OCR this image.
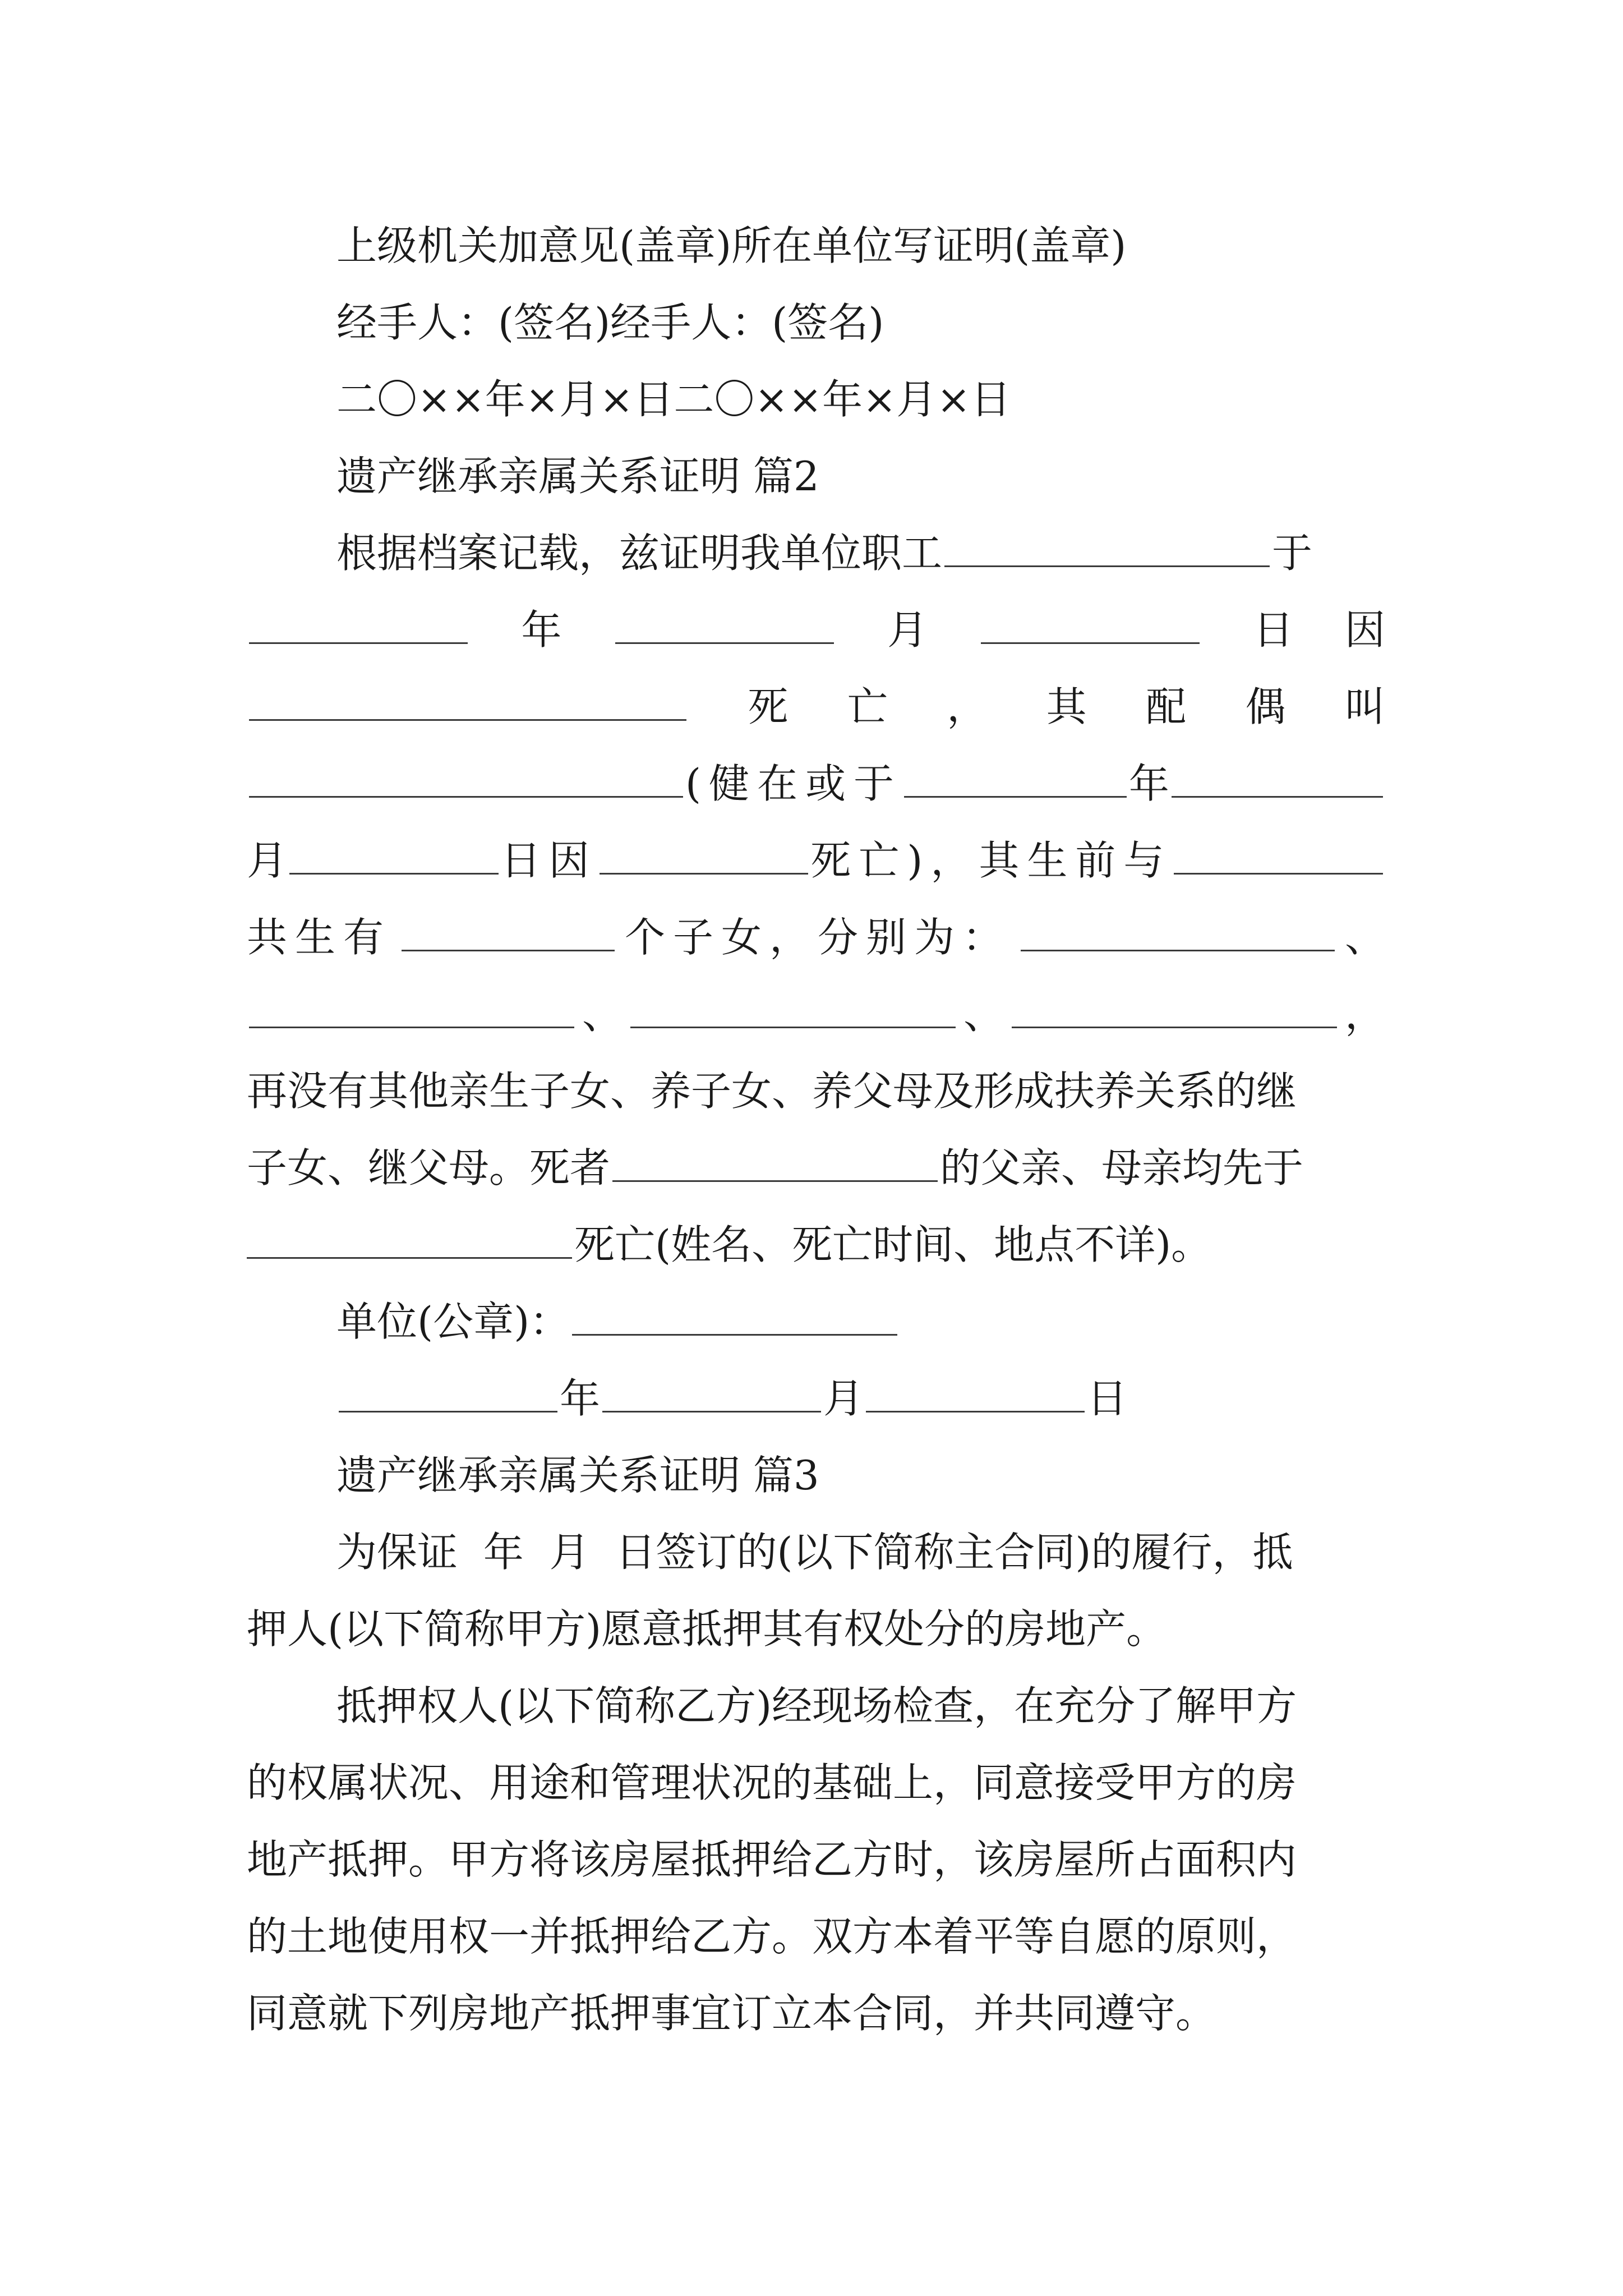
上级机关加意见(盖章)所在单位写证明(盖章)
经手人：(签名)经手人：(签名)
二〇××年×月×日二〇××年×月×日
遗产继承亲属关系证明 篇2
根据档案记载，兹证明我单位职工	于
年	月	日 因
死 亡 ， 其 配 偶 叫
(健在或于	年
月	日因	死亡)，其生前与
共生有	个子女，分别为：	、
、	、	，
再没有其他亲生子女、养子女、养父母及形成扶养关系的继
子女、继父母。死者	的父亲、母亲均先于
死亡(姓名、死亡时间、地点不详)。
单位(公章)：
年	月	日
遗产继承亲属关系证明 篇3
为保证  年  月  日签订的(以下简称主合同)的履行，抵
押人(以下简称甲方)愿意抵押其有权处分的房地产。
抵押权人(以下简称乙方)经现场检查，在充分了解甲方
的权属状况、用途和管理状况的基础上，同意接受甲方的房
地产抵押。甲方将该房屋抵押给乙方时，该房屋所占面积内
的土地使用权一并抵押给乙方。双方本着平等自愿的原则，
同意就下列房地产抵押事宜订立本合同，并共同遵守。
